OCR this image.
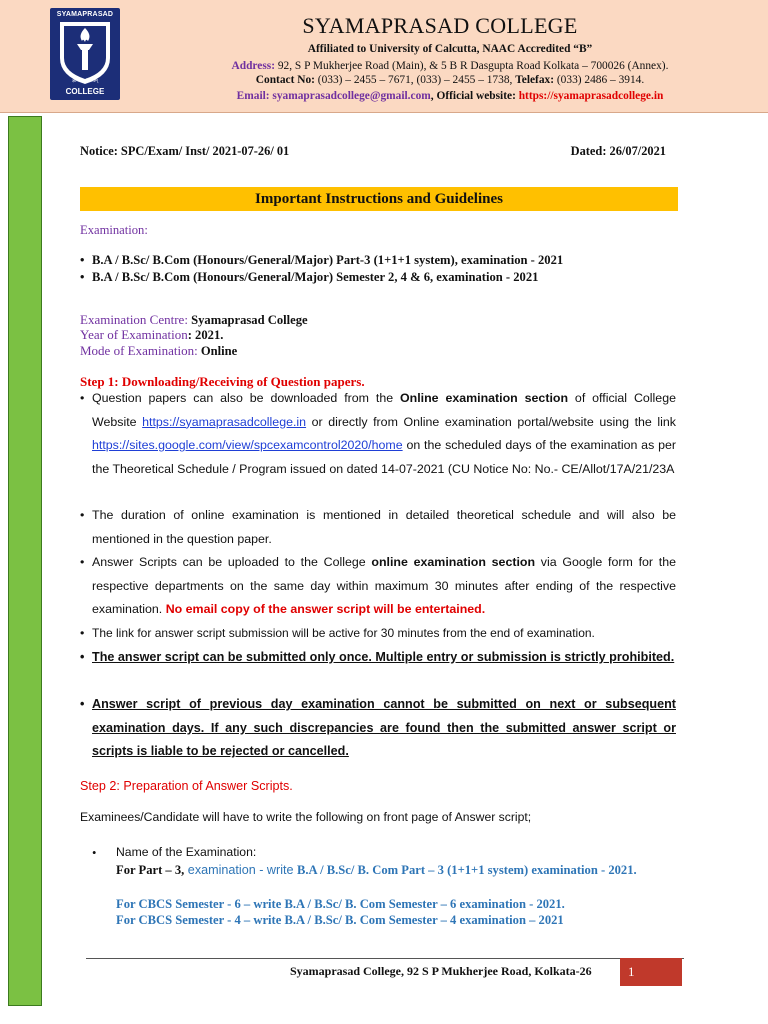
SYAMAPRASAD
ज्ञानं परमं ध्येयम्
COLLEGE
SYAMAPRASAD COLLEGE
Affiliated to University of Calcutta, NAAC Accredited “B”
Address: 92, S P Mukherjee Road (Main), & 5 B R Dasgupta Road Kolkata – 700026 (Annex).
Contact No: (033) – 2455 – 7671, (033) – 2455 – 1738, Telefax: (033) 2486 – 3914.
Email: syamaprasadcollege@gmail.com, Official website: https://syamaprasadcollege.in
Notice: SPC/Exam/ Inst/ 2021-07-26/ 01	Dated: 26/07/2021
Important Instructions and Guidelines
Examination:
• B.A / B.Sc/ B.Com (Honours/General/Major) Part-3 (1+1+1 system), examination - 2021
• B.A / B.Sc/ B.Com (Honours/General/Major) Semester 2, 4 & 6, examination - 2021
Examination Centre: Syamaprasad College
Year of Examination: 2021.
Mode of Examination: Online
Step 1: Downloading/Receiving of Question papers.
• Question papers can also be downloaded from the Online examination section of official College Website https://syamaprasadcollege.in or directly from Online examination portal/website using the link https://sites.google.com/view/spcexamcontrol2020/home on the scheduled days of the examination as per the Theoretical Schedule / Program issued on dated 14-07-2021 (CU Notice No: No.- CE/Allot/17A/21/23A
• The duration of online examination is mentioned in detailed theoretical schedule and will also be mentioned in the question paper.
• Answer Scripts can be uploaded to the College online examination section via Google form for the respective departments on the same day within maximum 30 minutes after ending of the respective examination. No email copy of the answer script will be entertained.
• The link for answer script submission will be active for 30 minutes from the end of examination.
• The answer script can be submitted only once. Multiple entry or submission is strictly prohibited.
• Answer script of previous day examination cannot be submitted on next or subsequent examination days. If any such discrepancies are found then the submitted answer script or scripts is liable to be rejected or cancelled.
Step 2: Preparation of Answer Scripts.
Examinees/Candidate will have to write the following on front page of Answer script;
• Name of the Examination:
For Part – 3, examination - write B.A / B.Sc/ B. Com Part – 3 (1+1+1 system) examination - 2021.
For CBCS Semester - 6 – write B.A / B.Sc/ B. Com Semester – 6 examination - 2021.
For CBCS Semester - 4 – write B.A / B.Sc/ B. Com Semester – 4 examination – 2021
Syamaprasad College, 92 S P Mukherjee Road, Kolkata-26	1
